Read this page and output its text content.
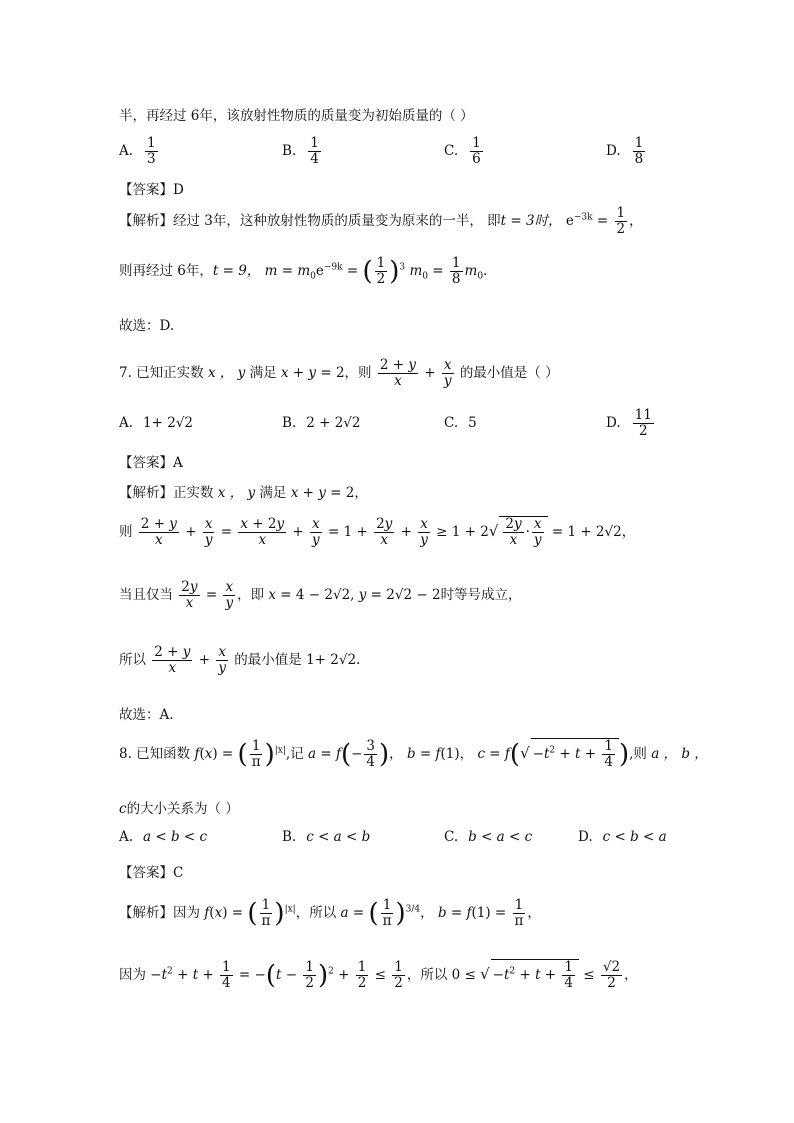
半，再经过 6年，该放射性物质的质量变为初始质量的（ ）
A. $\frac{1}{3}$	B. $\frac{1}{4}$	C. $\frac{1}{6}$	D. $\frac{1}{8}$
【答案】D
【解析】经过 3年，这种放射性物质的质量变为原来的一半， 即t = 3时， $e^{-3k} = \frac{1}{2}$ ，
则再经过 6年，t = 9， $m = m_0e^{-9k}$ = ( $\frac{1}{2} )^3$ $m_0 = \frac{1}{8} m_0$.
故选：D.
7. 已知正实数 x ， y 满足 x + y = 2，则 $\frac{2 + y}{x} + \frac{x}{y}$ 的最小值是（ ）
A. 1+ 2√2	B. 2 + 2√2	C. 5	D. $\frac{11}{2}$
【答案】A
【解析】正实数 x ， y 满足 x + y = 2，
则 $\frac{2 + y}{x} + \frac{x}{y} = \frac{x + 2y}{x} + \frac{x}{y} = 1 + \frac{2y}{x} + \frac{x}{y} \ge 1 + 2√ \frac{2y}{x} \cdot \frac{x}{y} = 1 + 2√2$，
当且仅当 $\frac{2y}{x} = \frac{x}{y}$ ，即 x = 4 − 2√2, y = 2√2 − 2时等号成立，
所以 $\frac{2 + y}{x} + \frac{x}{y}$ 的最小值是 1+ 2√2.
故选：A.
8. 已知函数 f(x) = ( $\frac{1}{\pi} )^{|x|}$,记 $a = f(- \frac{3}{4}$ )， b = f(1)， $c = f(√ -t^2 + t + \frac{1}{4}$ ),则 a ， b ，
c的大小关系为（ ）
A. a < b < c	B. c < a < b	C. b < a < c	D. c < b < a
【答案】C
【解析】因为 f(x) = ( $\frac{1}{\pi} )^{|x|}$，所以 a = ( $\frac{1}{\pi} )^{3/4}$， $b = f(1) = \frac{1}{\pi}$ ，
因为 $-t^2 + t + \frac{1}{4} = -(t - \frac{1}{2} )^2 + \frac{1}{2} \le \frac{1}{2}$ ，所以 0 ≤ √ $-t^2 + t + \frac{1}{4} \le \frac{√2}{2}$ ，
